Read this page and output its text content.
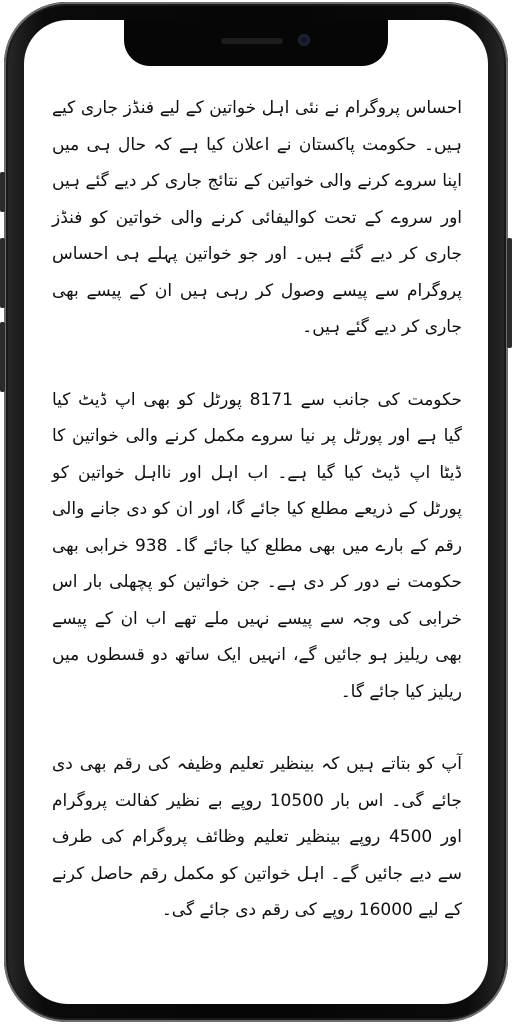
احساس پروگرام نے نئی اہل خواتین کے لیے فنڈز جاری کیے ہیں۔ حکومت پاکستان نے اعلان کیا ہے کہ حال ہی میں اپنا سروے کرنے والی خواتین کے نتائج جاری کر دیے گئے ہیں اور سروے کے تحت کوالیفائی کرنے والی خواتین کو فنڈز جاری کر دیے گئے ہیں۔ اور جو خواتین پہلے ہی احساس پروگرام سے پیسے وصول کر رہی ہیں ان کے پیسے بھی جاری کر دیے گئے ہیں۔

حکومت کی جانب سے 8171 پورٹل کو بھی اپ ڈیٹ کیا گیا ہے اور پورٹل پر نیا سروے مکمل کرنے والی خواتین کا ڈیٹا اپ ڈیٹ کیا گیا ہے۔ اب اہل اور نااہل خواتین کو پورٹل کے ذریعے مطلع کیا جائے گا، اور ان کو دی جانے والی رقم کے بارے میں بھی مطلع کیا جائے گا۔ 938 خرابی بھی حکومت نے دور کر دی ہے۔ جن خواتین کو پچھلی بار اس خرابی کی وجہ سے پیسے نہیں ملے تھے اب ان کے پیسے بھی ریلیز ہو جائیں گے، انہیں ایک ساتھ دو قسطوں میں ریلیز کیا جائے گا۔

آپ کو بتاتے ہیں کہ بینظیر تعلیم وظیفہ کی رقم بھی دی جائے گی۔ اس بار 10500 روپے بے نظیر کفالت پروگرام اور 4500 روپے بینظیر تعلیم وظائف پروگرام کی طرف سے دیے جائیں گے۔ اہل خواتین کو مکمل رقم حاصل کرنے کے لیے 16000 روپے کی رقم دی جائے گی۔
